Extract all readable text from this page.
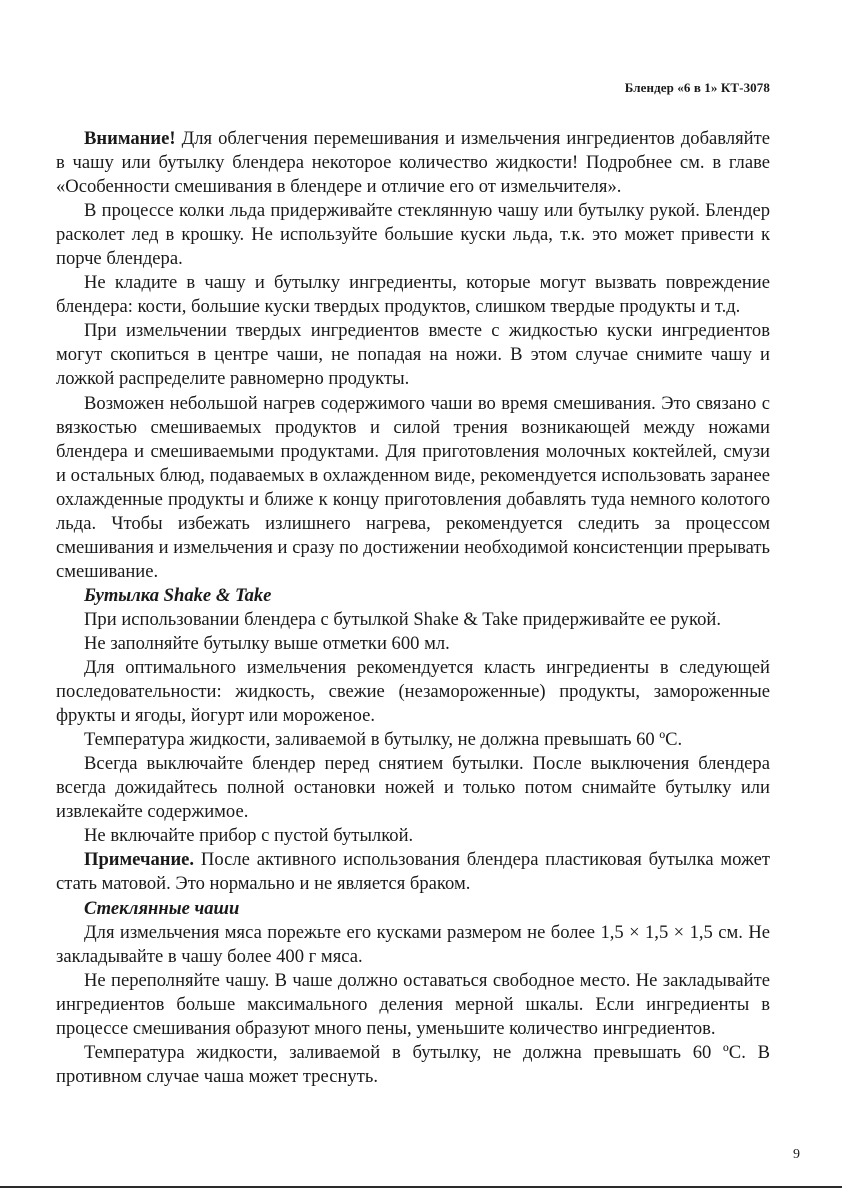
Блендер «6 в 1» КТ-3078

Внимание! Для облегчения перемешивания и измельчения ингредиентов добавляйте в чашу или бутылку блендера некоторое количество жидкости! Подробнее см. в главе «Особенности смешивания в блендере и отличие его от измельчителя».

В процессе колки льда придерживайте стеклянную чашу или бутылку рукой. Блендер расколет лед в крошку. Не используйте большие куски льда, т.к. это может привести к порче блендера.

Не кладите в чашу и бутылку ингредиенты, которые могут вызвать повреждение блендера: кости, большие куски твердых продуктов, слишком твердые продукты и т.д.

При измельчении твердых ингредиентов вместе с жидкостью куски ингредиентов могут скопиться в центре чаши, не попадая на ножи. В этом случае снимите чашу и ложкой распределите равномерно продукты.

Возможен небольшой нагрев содержимого чаши во время смешивания. Это связано с вязкостью смешиваемых продуктов и силой трения возникающей между ножами блендера и смешиваемыми продуктами. Для приготовления молочных коктейлей, смузи и остальных блюд, подаваемых в охлажденном виде, рекомендуется использовать заранее охлажденные продукты и ближе к концу приготовления добавлять туда немного колотого льда. Чтобы избежать излишнего нагрева, рекомендуется следить за процессом смешивания и измельчения и сразу по достижении необходимой консистенции прерывать смешивание.

Бутылка Shake & Take

При использовании блендера с бутылкой Shake & Take придерживайте ее рукой.

Не заполняйте бутылку выше отметки 600 мл.

Для оптимального измельчения рекомендуется класть ингредиенты в следующей последовательности: жидкость, свежие (незамороженные) продукты, замороженные фрукты и ягоды, йогурт или мороженое.

Температура жидкости, заливаемой в бутылку, не должна превышать 60 ºС.

Всегда выключайте блендер перед снятием бутылки. После выключения блендера всегда дожидайтесь полной остановки ножей и только потом снимайте бутылку или извлекайте содержимое.

Не включайте прибор с пустой бутылкой.

Примечание. После активного использования блендера пластиковая бутылка может стать матовой. Это нормально и не является браком.

Стеклянные чаши

Для измельчения мяса порежьте его кусками размером не более 1,5 × 1,5 × 1,5 см. Не закладывайте в чашу более 400 г мяса.

Не переполняйте чашу. В чаше должно оставаться свободное место. Не закладывайте ингредиентов больше максимального деления мерной шкалы. Если ингредиенты в процессе смешивания образуют много пены, уменьшите количество ингредиентов.

Температура жидкости, заливаемой в бутылку, не должна превышать 60 ºС. В противном случае чаша может треснуть.

9
